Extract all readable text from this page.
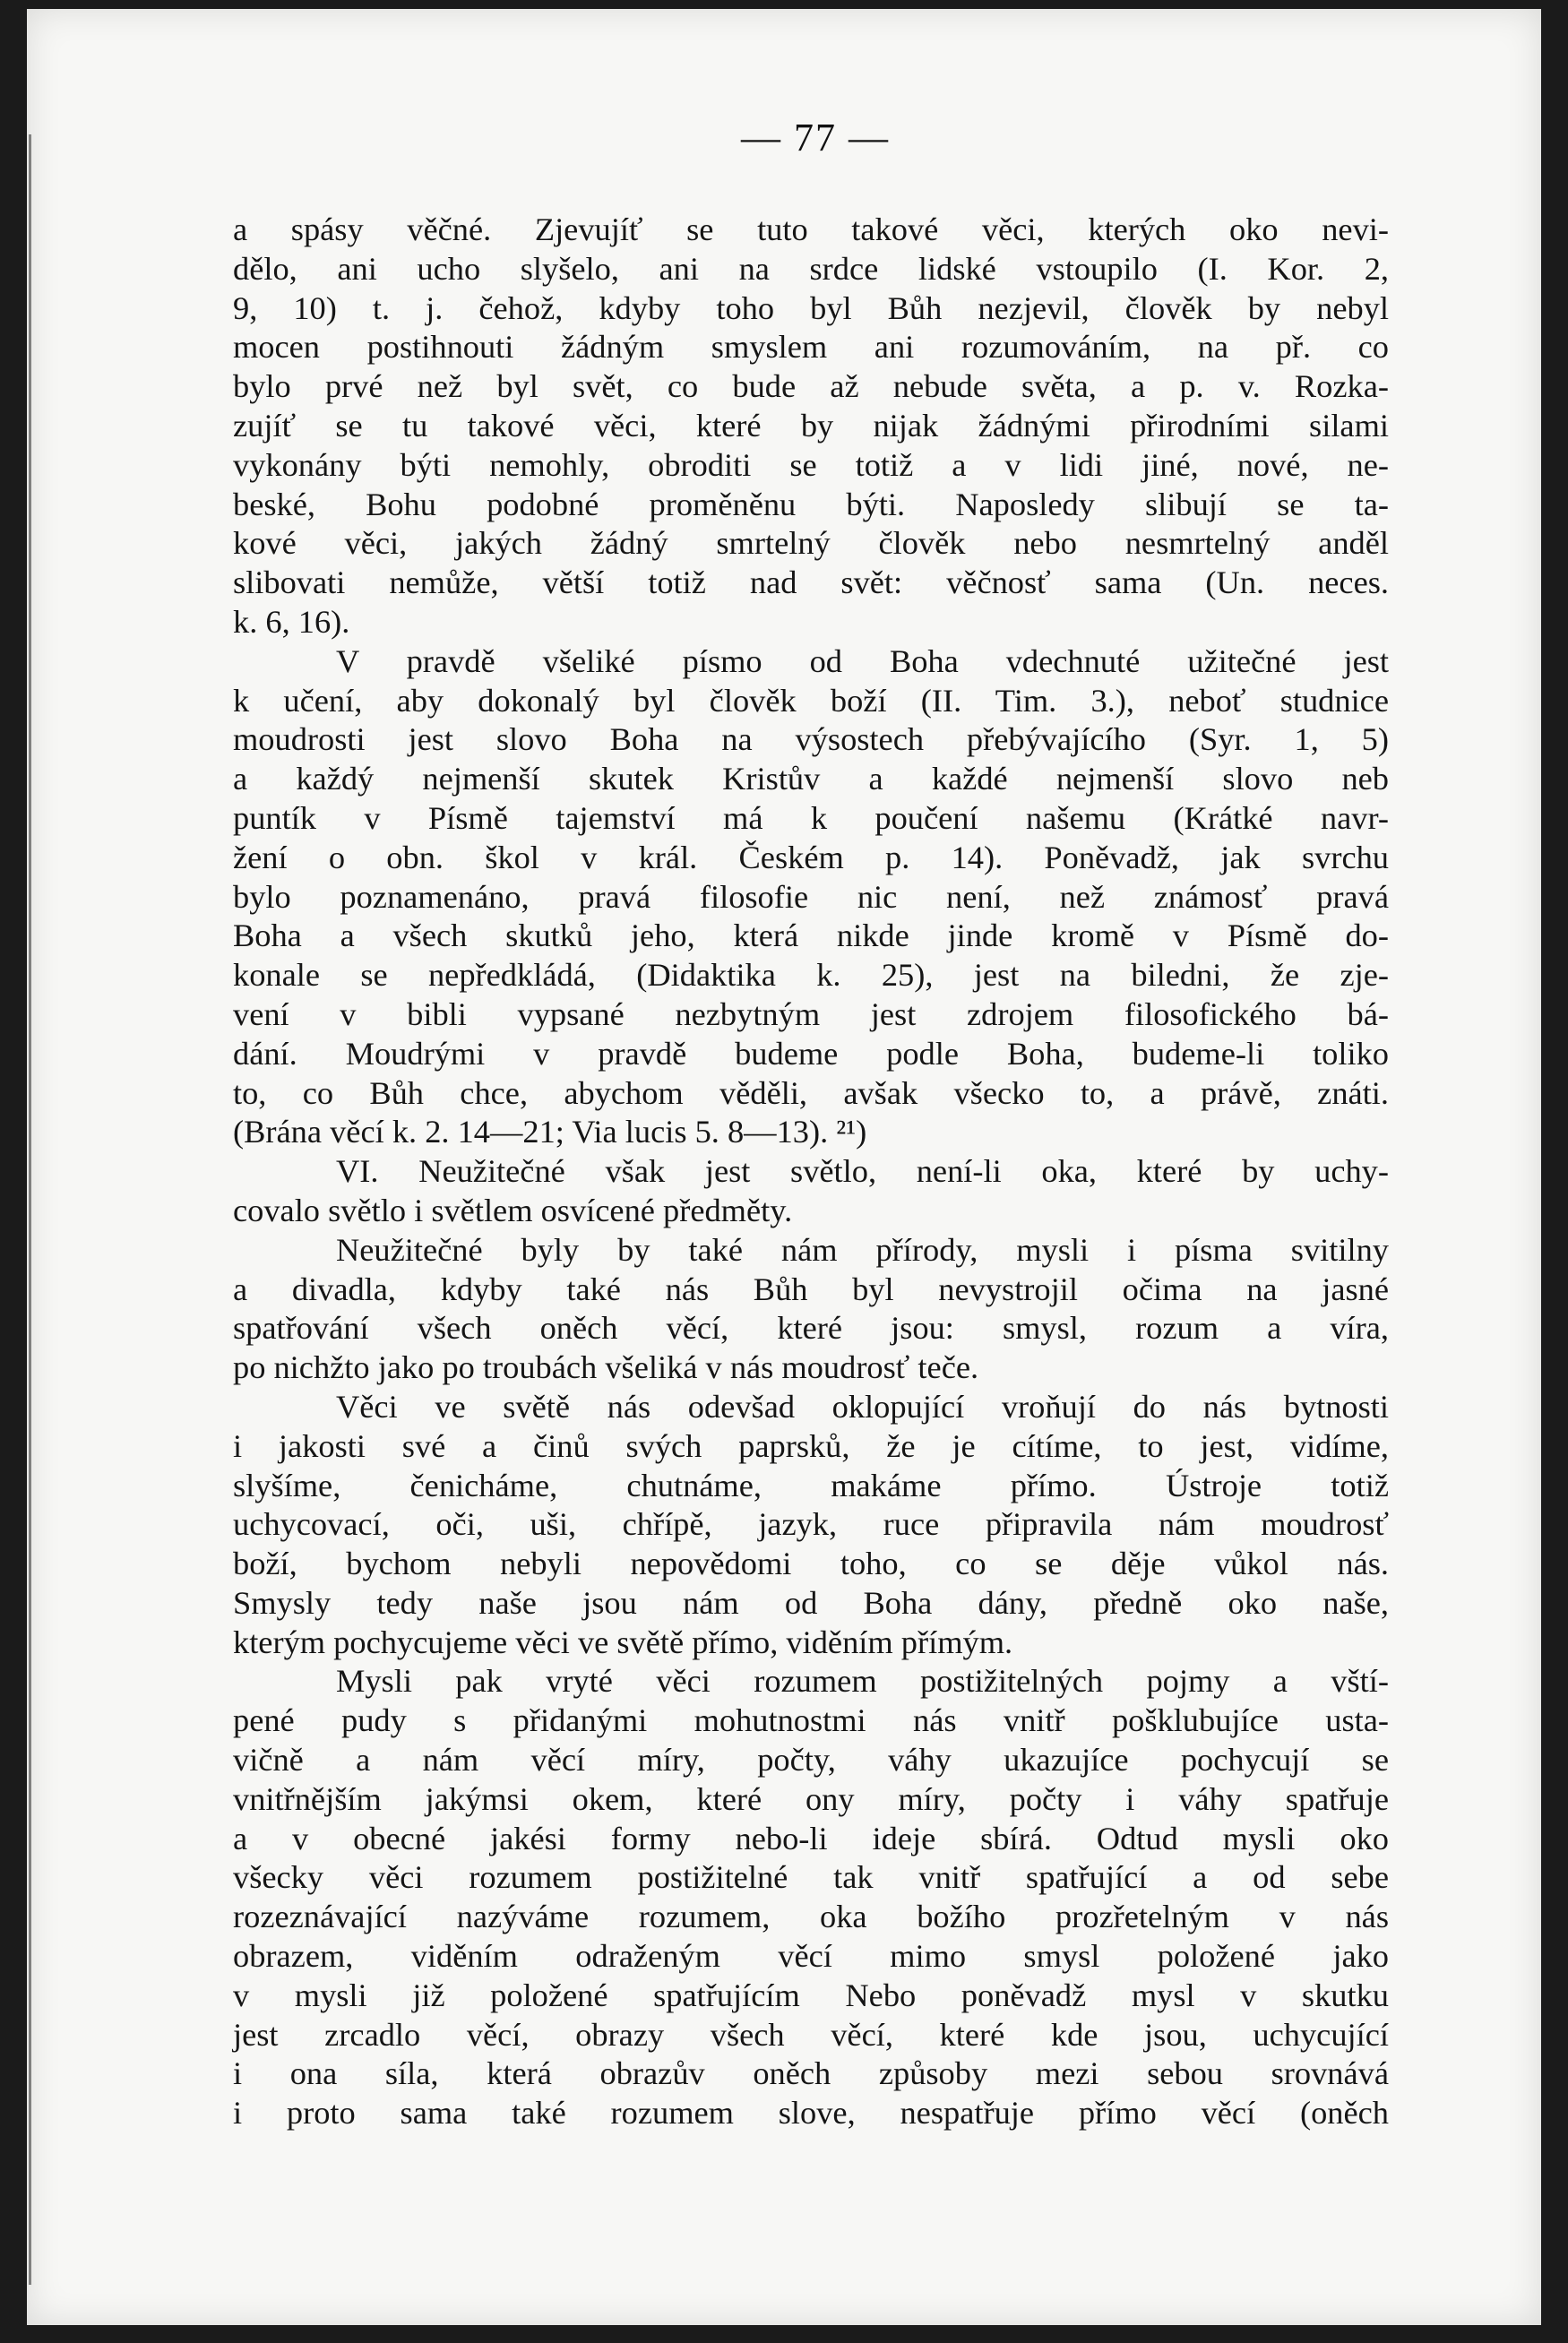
— 77 —
a spásy věčné. Zjevujíť se tuto takové věci, kterých oko nevi-
dělo, ani ucho slyšelo, ani na srdce lidské vstoupilo (I. Kor. 2,
9, 10) t. j. čehož, kdyby toho byl Bůh nezjevil, člověk by nebyl
mocen postihnouti žádným smyslem ani rozumováním, na př. co
bylo prvé než byl svět, co bude až nebude světa, a p. v. Rozka-
zujíť se tu takové věci, které by nijak žádnými přirodními silami
vykonány býti nemohly, obroditi se totiž a v lidi jiné, nové, ne-
beské, Bohu podobné proměněnu býti. Naposledy slibují se ta-
kové věci, jakých žádný smrtelný člověk nebo nesmrtelný anděl
slibovati nemůže, větší totiž nad svět: věčnosť sama (Un. neces.
k. 6, 16).
V pravdě všeliké písmo od Boha vdechnuté užitečné jest
k učení, aby dokonalý byl člověk boží (II. Tim. 3.), neboť studnice
moudrosti jest slovo Boha na výsostech přebývajícího (Syr. 1, 5)
a každý nejmenší skutek Kristův a každé nejmenší slovo neb
puntík v Písmě tajemství má k poučení našemu (Krátké navr-
žení o obn. škol v král. Českém p. 14). Poněvadž, jak svrchu
bylo poznamenáno, pravá filosofie nic není, než známosť pravá
Boha a všech skutků jeho, která nikde jinde kromě v Písmě do-
konale se nepředkládá, (Didaktika k. 25), jest na biledni, že zje-
vení v bibli vypsané nezbytným jest zdrojem filosofického bá-
dání. Moudrými v pravdě budeme podle Boha, budeme-li toliko
to, co Bůh chce, abychom věděli, avšak všecko to, a právě, znáti.
(Brána věcí k. 2. 14—21; Via lucis 5. 8—13). ²¹)
VI. Neužitečné však jest světlo, není-li oka, které by uchy-
covalo světlo i světlem osvícené předměty.
Neužitečné byly by také nám přírody, mysli i písma svitilny
a divadla, kdyby také nás Bůh byl nevystrojil očima na jasné
spatřování všech oněch věcí, které jsou: smysl, rozum a víra,
po nichžto jako po troubách všeliká v nás moudrosť teče.
Věci ve světě nás odevšad oklopující vroňují do nás bytnosti
i jakosti své a činů svých paprsků, že je cítíme, to jest, vidíme,
slyšíme, čenicháme, chutnáme, makáme přímo. Ústroje totiž
uchycovací, oči, uši, chřípě, jazyk, ruce připravila nám moudrosť
boží, bychom nebyli nepovědomi toho, co se děje vůkol nás.
Smysly tedy naše jsou nám od Boha dány, předně oko naše,
kterým pochycujeme věci ve světě přímo, viděním přímým.
Mysli pak vryté věci rozumem postižitelných pojmy a vští-
pené pudy s přidanými mohutnostmi nás vnitř pošklubujíce usta-
vičně a nám věcí míry, počty, váhy ukazujíce pochycují se
vnitřnějším jakýmsi okem, které ony míry, počty i váhy spatřuje
a v obecné jakési formy nebo-li ideje sbírá. Odtud mysli oko
všecky věci rozumem postižitelné tak vnitř spatřující a od sebe
rozeznávající nazýváme rozumem, oka božího prozřetelným v nás
obrazem, viděním odraženým věcí mimo smysl položené jako
v mysli již položené spatřujícím Nebo poněvadž mysl v skutku
jest zrcadlo věcí, obrazy všech věcí, které kde jsou, uchycující
i ona síla, která obrazův oněch způsoby mezi sebou srovnává
i proto sama také rozumem slove, nespatřuje přímo věcí (oněch
